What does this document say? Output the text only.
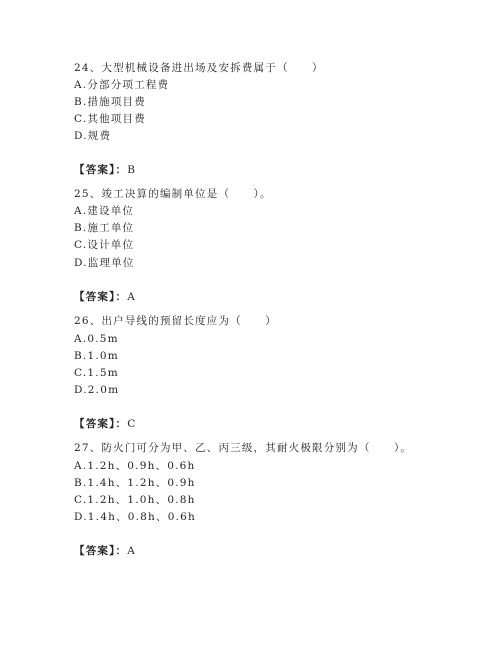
24、大型机械设备进出场及安拆费属于（　　）
A.分部分项工程费
B.措施项目费
C.其他项目费
D.规费
【答案】：B
25、竣工决算的编制单位是（　　）。
A.建设单位
B.施工单位
C.设计单位
D.监理单位
【答案】：A
26、出户导线的预留长度应为（　　）
A.0.5m
B.1.0m
C.1.5m
D.2.0m
【答案】：C
27、防火门可分为甲、乙、丙三级，其耐火极限分别为（　　）。
A.1.2h、0.9h、0.6h
B.1.4h、1.2h、0.9h
C.1.2h、1.0h、0.8h
D.1.4h、0.8h、0.6h
【答案】：A
